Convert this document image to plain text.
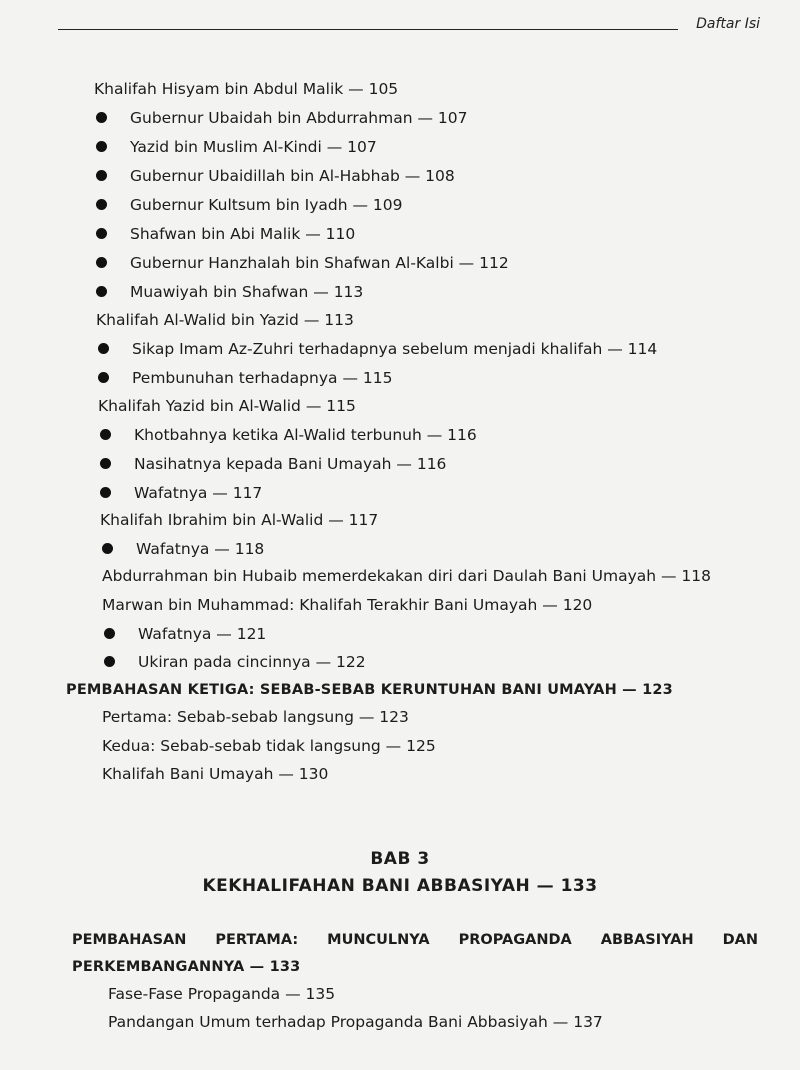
Daftar Isi
Khalifah Hisyam bin Abdul Malik — 105
Gubernur Ubaidah bin Abdurrahman — 107
Yazid bin Muslim Al-Kindi — 107
Gubernur Ubaidillah bin Al-Habhab — 108
Gubernur Kultsum bin Iyadh — 109
Shafwan bin Abi Malik — 110
Gubernur Hanzhalah bin Shafwan Al-Kalbi — 112
Muawiyah bin Shafwan — 113
Khalifah Al-Walid bin Yazid — 113
Sikap Imam Az-Zuhri terhadapnya sebelum menjadi khalifah — 114
Pembunuhan terhadapnya — 115
Khalifah Yazid bin Al-Walid — 115
Khotbahnya ketika Al-Walid terbunuh — 116
Nasihatnya kepada Bani Umayah — 116
Wafatnya — 117
Khalifah Ibrahim bin Al-Walid — 117
Wafatnya — 118
Abdurrahman bin Hubaib memerdekakan diri dari Daulah Bani Umayah — 118
Marwan bin Muhammad: Khalifah Terakhir Bani Umayah — 120
Wafatnya — 121
Ukiran pada cincinnya — 122
PEMBAHASAN KETIGA: SEBAB-SEBAB KERUNTUHAN BANI UMAYAH — 123
Pertama: Sebab-sebab langsung — 123
Kedua: Sebab-sebab tidak langsung — 125
Khalifah Bani Umayah — 130
BAB 3
KEKHALIFAHAN BANI ABBASIYAH — 133
PEMBAHASAN PERTAMA: MUNCULNYA PROPAGANDA ABBASIYAH DAN
PERKEMBANGANNYA — 133
Fase-Fase Propaganda — 135
Pandangan Umum terhadap Propaganda Bani Abbasiyah — 137
